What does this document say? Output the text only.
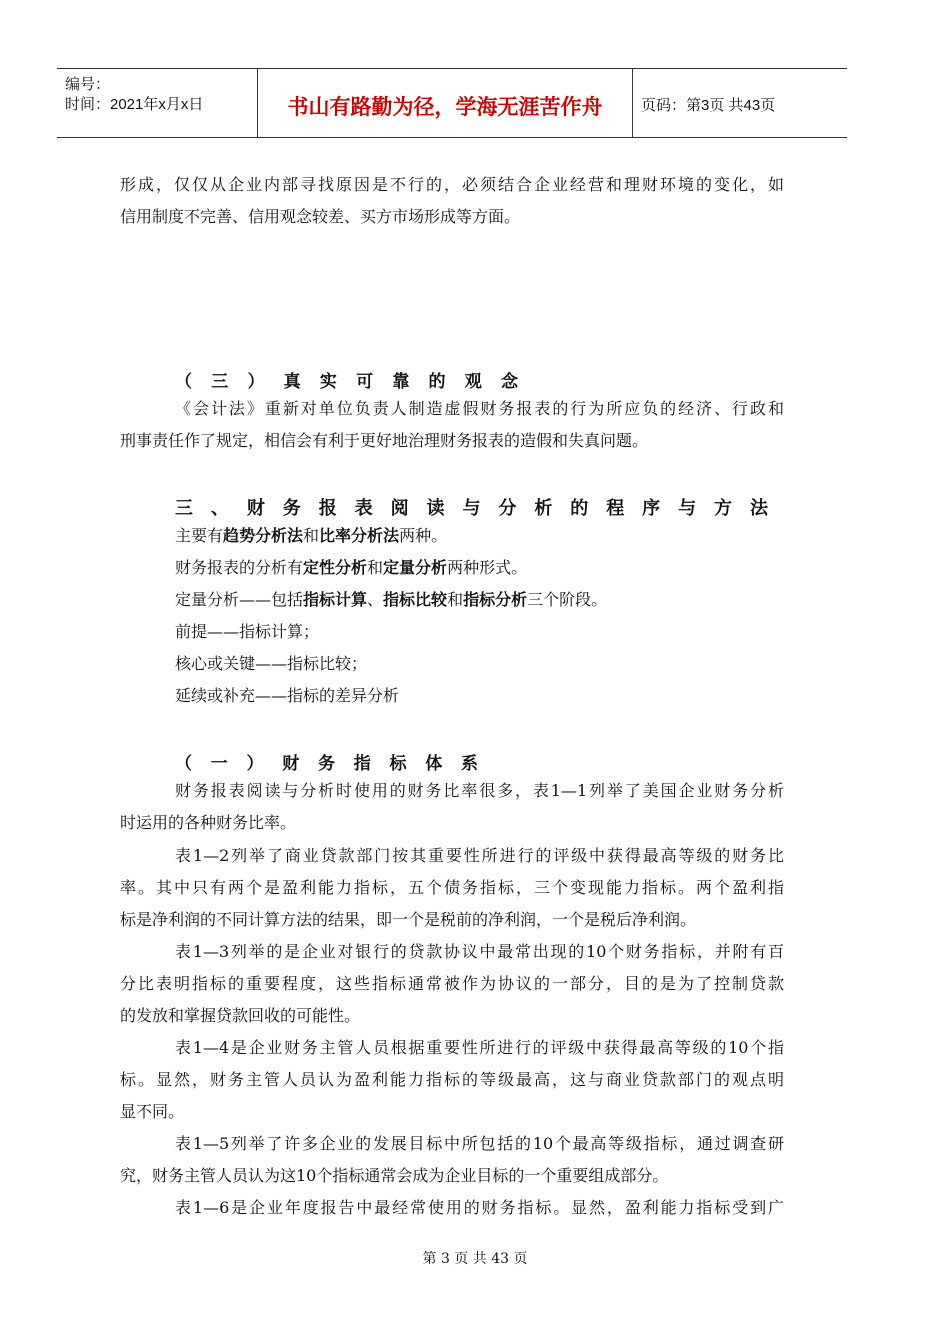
编号：
时间：2021年x月x日	书山有路勤为径，学海无涯苦作舟	页码：第3页 共43页
形成，仅仅从企业内部寻找原因是不行的，必须结合企业经营和理财环境的变化，如
信用制度不完善、信用观念较差、买方市场形成等方面。
（三）真实可靠的观念
《会计法》重新对单位负责人制造虚假财务报表的行为所应负的经济、行政和
刑事责任作了规定，相信会有利于更好地治理财务报表的造假和失真问题。
三、财务报表阅读与分析的程序与方法
主要有趋势分析法和比率分析法两种。
财务报表的分析有定性分析和定量分析两种形式。
定量分析——包括指标计算、指标比较和指标分析三个阶段。
前提——指标计算；
核心或关键——指标比较；
延续或补充——指标的差异分析
（一）财务指标体系
财务报表阅读与分析时使用的财务比率很多，表1—1列举了美国企业财务分析
时运用的各种财务比率。
表1—2列举了商业贷款部门按其重要性所进行的评级中获得最高等级的财务比
率。其中只有两个是盈利能力指标，五个债务指标，三个变现能力指标。两个盈利指
标是净利润的不同计算方法的结果，即一个是税前的净利润，一个是税后净利润。
表1—3列举的是企业对银行的贷款协议中最常出现的10个财务指标，并附有百
分比表明指标的重要程度，这些指标通常被作为协议的一部分，目的是为了控制贷款
的发放和掌握贷款回收的可能性。
表1—4是企业财务主管人员根据重要性所进行的评级中获得最高等级的10个指
标。显然，财务主管人员认为盈利能力指标的等级最高，这与商业贷款部门的观点明
显不同。
表1—5列举了许多企业的发展目标中所包括的10个最高等级指标，通过调查研
究，财务主管人员认为这10个指标通常会成为企业目标的一个重要组成部分。
表1—6是企业年度报告中最经常使用的财务指标。显然，盈利能力指标受到广
第 3 页 共 43 页
